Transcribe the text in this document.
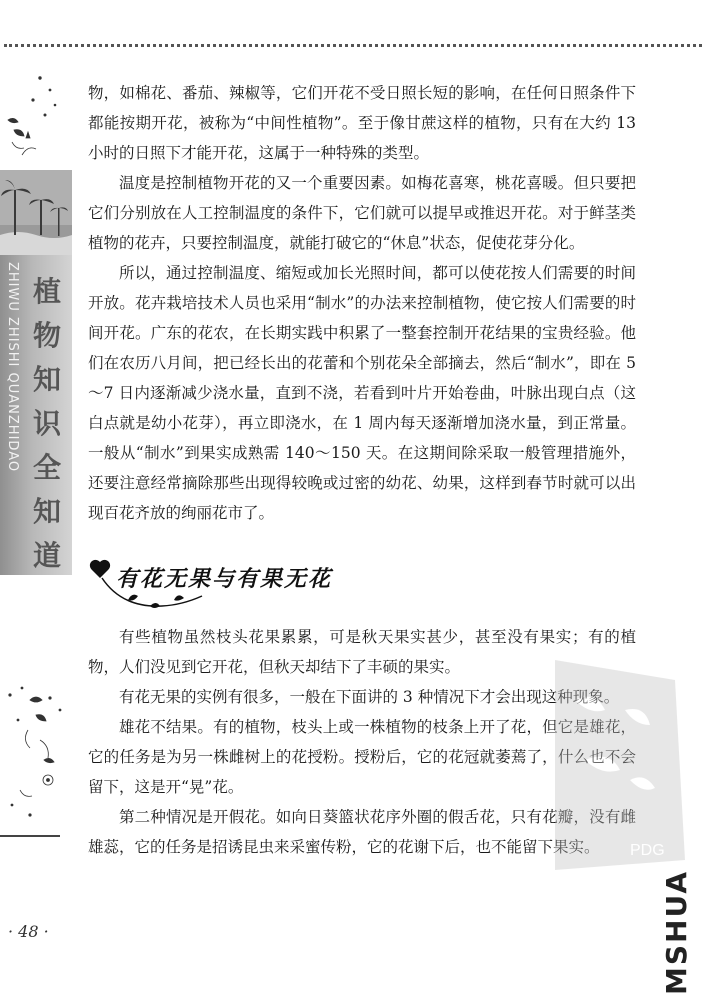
ZHIWU ZHISHI QUANZHIDAO 植
物
知
识
全
知
道

物，如棉花、番茄、辣椒等，它们开花不受日照长短的影响，在任何日照条件下都能按期开花，被称为“中间性植物”。至于像甘蔗这样的植物，只有在大约 13 小时的日照下才能开花，这属于一种特殊的类型。

温度是控制植物开花的又一个重要因素。如梅花喜寒，桃花喜暖。但只要把它们分别放在人工控制温度的条件下，它们就可以提早或推迟开花。对于鲜茎类植物的花卉，只要控制温度，就能打破它的“休息”状态，促使花芽分化。

所以，通过控制温度、缩短或加长光照时间，都可以使花按人们需要的时间开放。花卉栽培技术人员也采用“制水”的办法来控制植物，使它按人们需要的时间开花。广东的花农，在长期实践中积累了一整套控制开花结果的宝贵经验。他们在农历八月间，把已经长出的花蕾和个别花朵全部摘去，然后“制水”，即在 5～7 日内逐渐减少浇水量，直到不浇，若看到叶片开始卷曲，叶脉出现白点（这白点就是幼小花芽），再立即浇水，在 1 周内每天逐渐增加浇水量，到正常量。一般从“制水”到果实成熟需 140～150 天。在这期间除采取一般管理措施外，还要注意经常摘除那些出现得较晚或过密的幼花、幼果，这样到春节时就可以出现百花齐放的绚丽花市了。

有花无果与有果无花

有些植物虽然枝头花果累累，可是秋天果实甚少，甚至没有果实；有的植物，人们没见到它开花，但秋天却结下了丰硕的果实。

有花无果的实例有很多，一般在下面讲的 3 种情况下才会出现这种现象。

雄花不结果。有的植物，枝头上或一株植物的枝条上开了花，但它是雄花，它的任务是为另一株雌树上的花授粉。授粉后，它的花冠就萎蔫了，什么也不会留下，这是开“晃”花。

第二种情况是开假花。如向日葵篮状花序外圈的假舌花，只有花瓣，没有雌雄蕊，它的任务是招诱昆虫来采蜜传粉，它的花谢下后，也不能留下果实。	PDG
· 48 ·	MSHUA
